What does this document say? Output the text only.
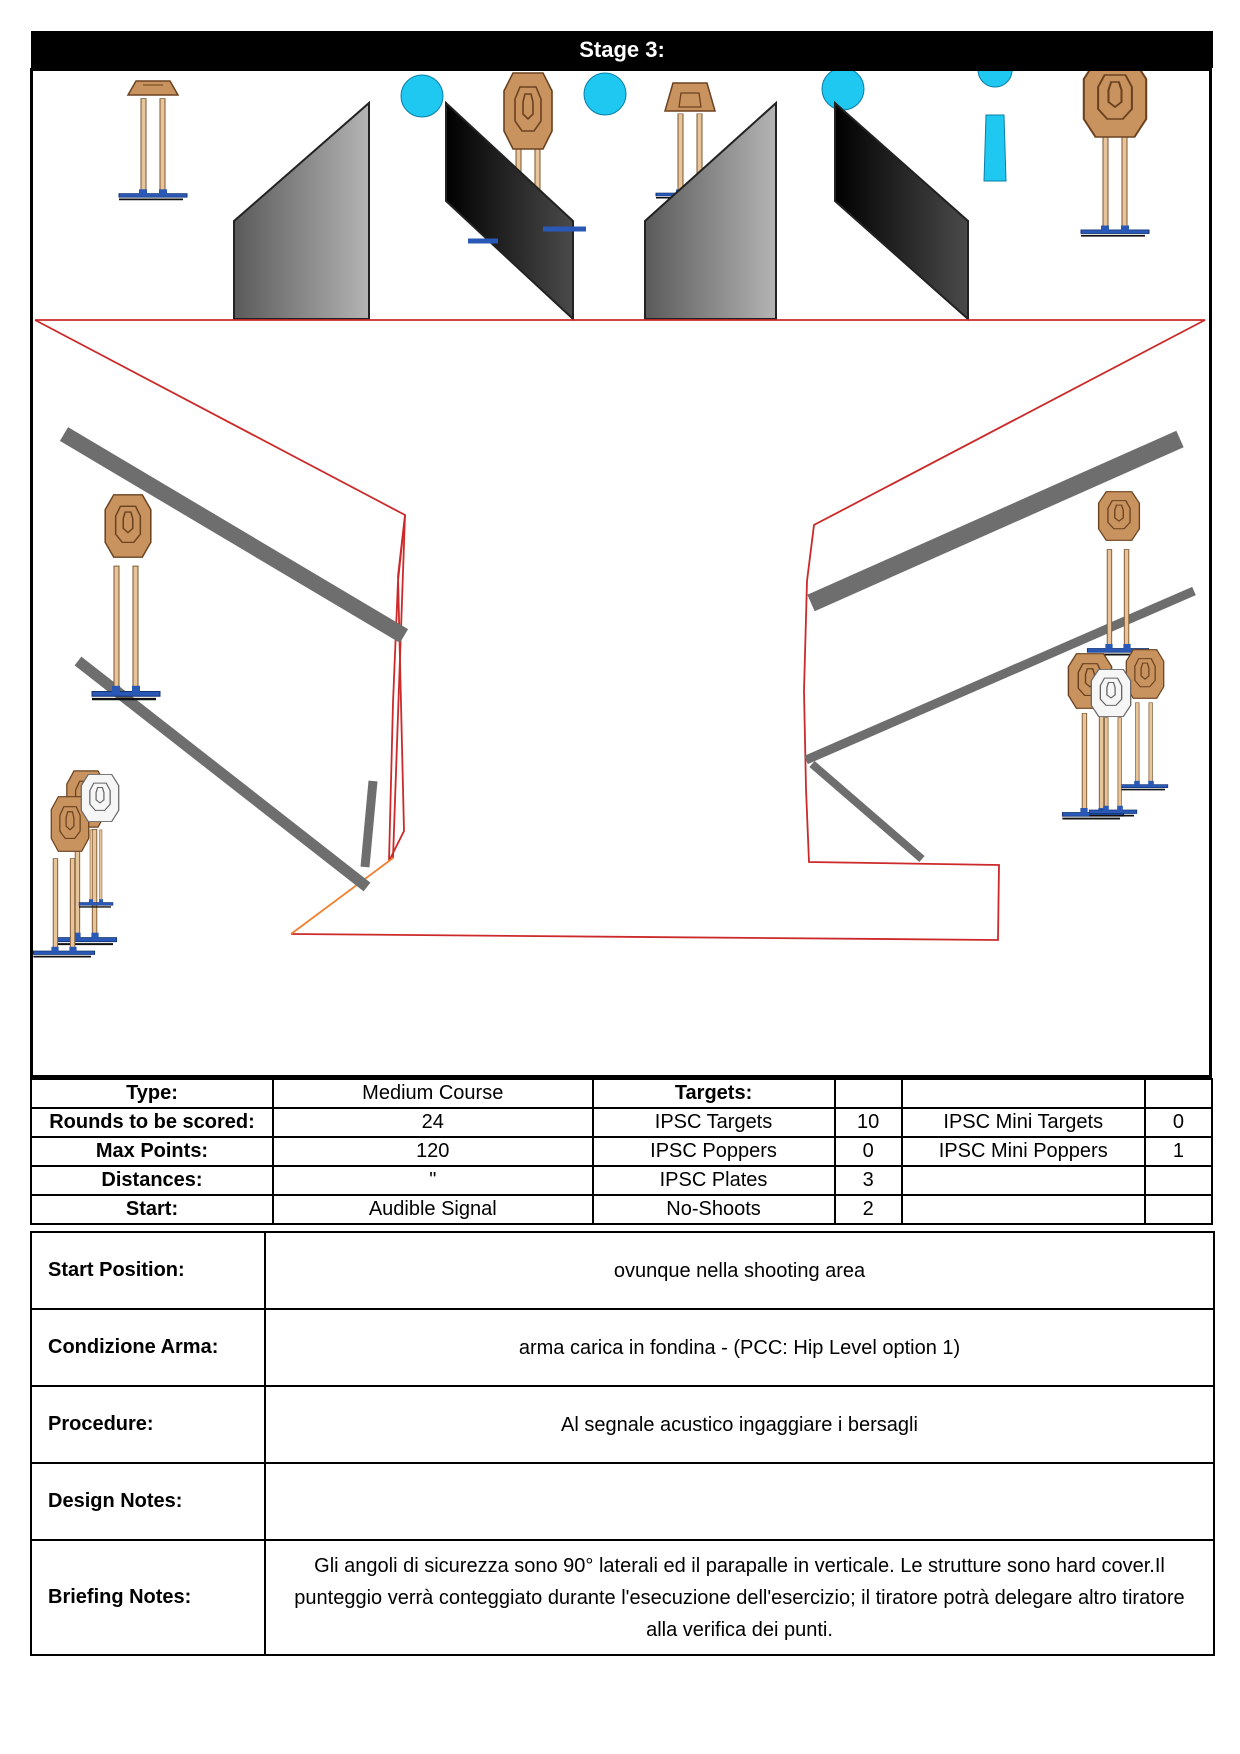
Stage 3:
Type:	Medium Course	Targets:			
Rounds to be scored:	24	IPSC Targets	10	IPSC Mini Targets	0
Max Points:	120	IPSC Poppers	0	IPSC Mini Poppers	1
Distances:	"	IPSC Plates	3		
Start:	Audible Signal	No-Shoots	2		
Start Position:	ovunque nella shooting area
Condizione Arma:	arma carica in fondina - (PCC: Hip Level option 1)
Procedure:	Al segnale acustico ingaggiare i bersagli
Design Notes:	
Briefing Notes:	Gli angoli di sicurezza sono 90° laterali ed il parapalle in verticale. Le strutture sono hard cover.Il punteggio verrà conteggiato durante l'esecuzione dell'esercizio; il tiratore potrà delegare altro tiratore alla verifica dei punti.
